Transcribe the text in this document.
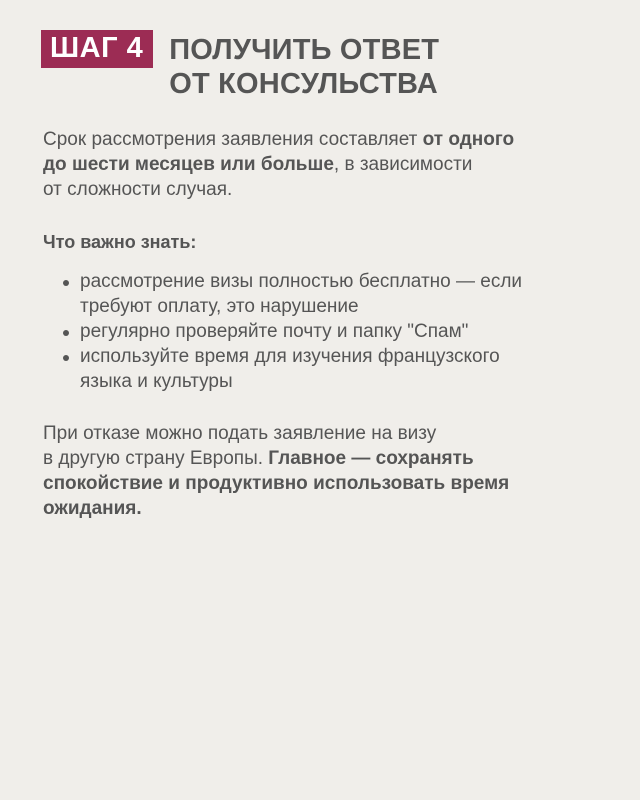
ШАГ 4 ПОЛУЧИТЬ ОТВЕТ
ОТ КОНСУЛЬСТВА

Срок рассмотрения заявления составляет от одного
до шести месяцев или больше, в зависимости
от сложности случая.

Что важно знать:
рассмотрение визы полностью бесплатно — если
требуют оплату, это нарушение
регулярно проверяйте почту и папку "Спам"
используйте время для изучения французского
языка и культуры

При отказе можно подать заявление на визу
в другую страну Европы. Главное — сохранять
спокойствие и продуктивно использовать время
ожидания.
